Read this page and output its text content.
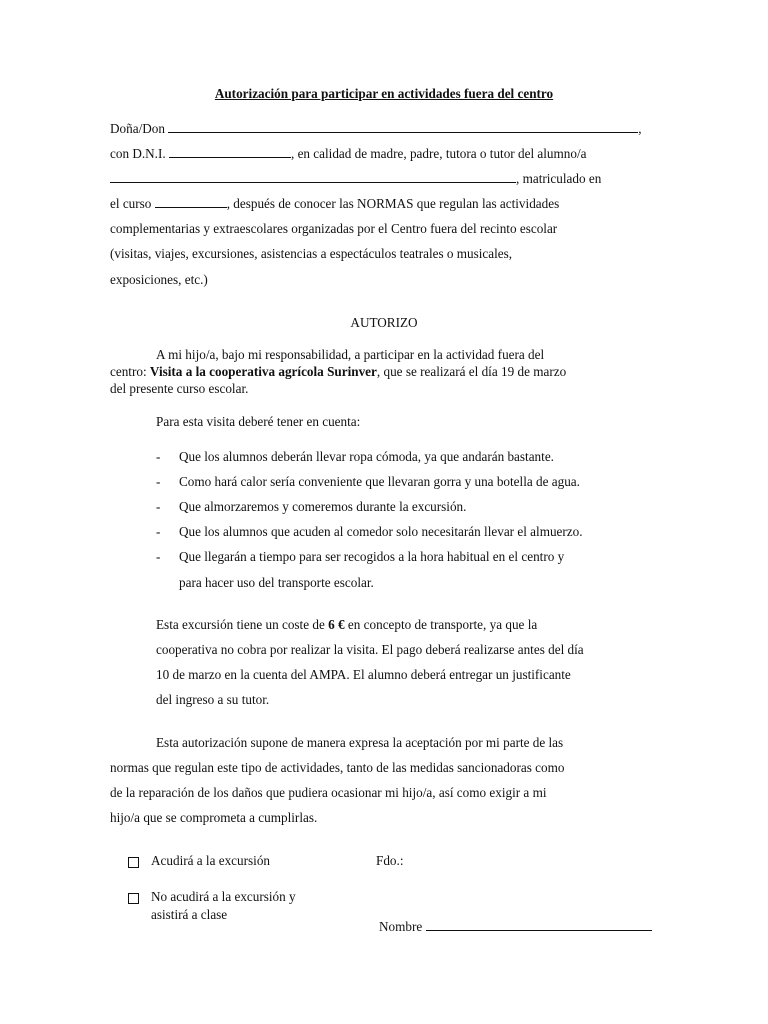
Autorización para participar en actividades fuera del centro
Doña/Don	,
con D.N.I.	, en calidad de madre, padre, tutora o tutor del alumno/a
, matriculado en
el curso	, después de conocer las NORMAS que regulan las actividades
complementarias y extraescolares organizadas por el Centro fuera del recinto escolar
(visitas, viajes, excursiones, asistencias a espectáculos teatrales o musicales,
exposiciones, etc.)
AUTORIZO
A mi hijo/a, bajo mi responsabilidad, a participar en la actividad fuera del
centro: Visita a la cooperativa agrícola Surinver, que se realizará el día 19 de marzo
del presente curso escolar.
Para esta visita deberé tener en cuenta:
- Que los alumnos deberán llevar ropa cómoda, ya que andarán bastante.
- Como hará calor sería conveniente que llevaran gorra y una botella de agua.
- Que almorzaremos y comeremos durante la excursión.
- Que los alumnos que acuden al comedor solo necesitarán llevar el almuerzo.
- Que llegarán a tiempo para ser recogidos a la hora habitual en el centro y
para hacer uso del transporte escolar.
Esta excursión tiene un coste de 6 € en concepto de transporte, ya que la
cooperativa no cobra por realizar la visita. El pago deberá realizarse antes del día
10 de marzo en la cuenta del AMPA. El alumno deberá entregar un justificante
del ingreso a su tutor.
Esta autorización supone de manera expresa la aceptación por mi parte de las
normas que regulan este tipo de actividades, tanto de las medidas sancionadoras como
de la reparación de los daños que pudiera ocasionar mi hijo/a, así como exigir a mi
hijo/a que se comprometa a cumplirlas.
Acudirá a la excursión
No acudirá a la excursión y
asistirá a clase
Fdo.:
Nombre
